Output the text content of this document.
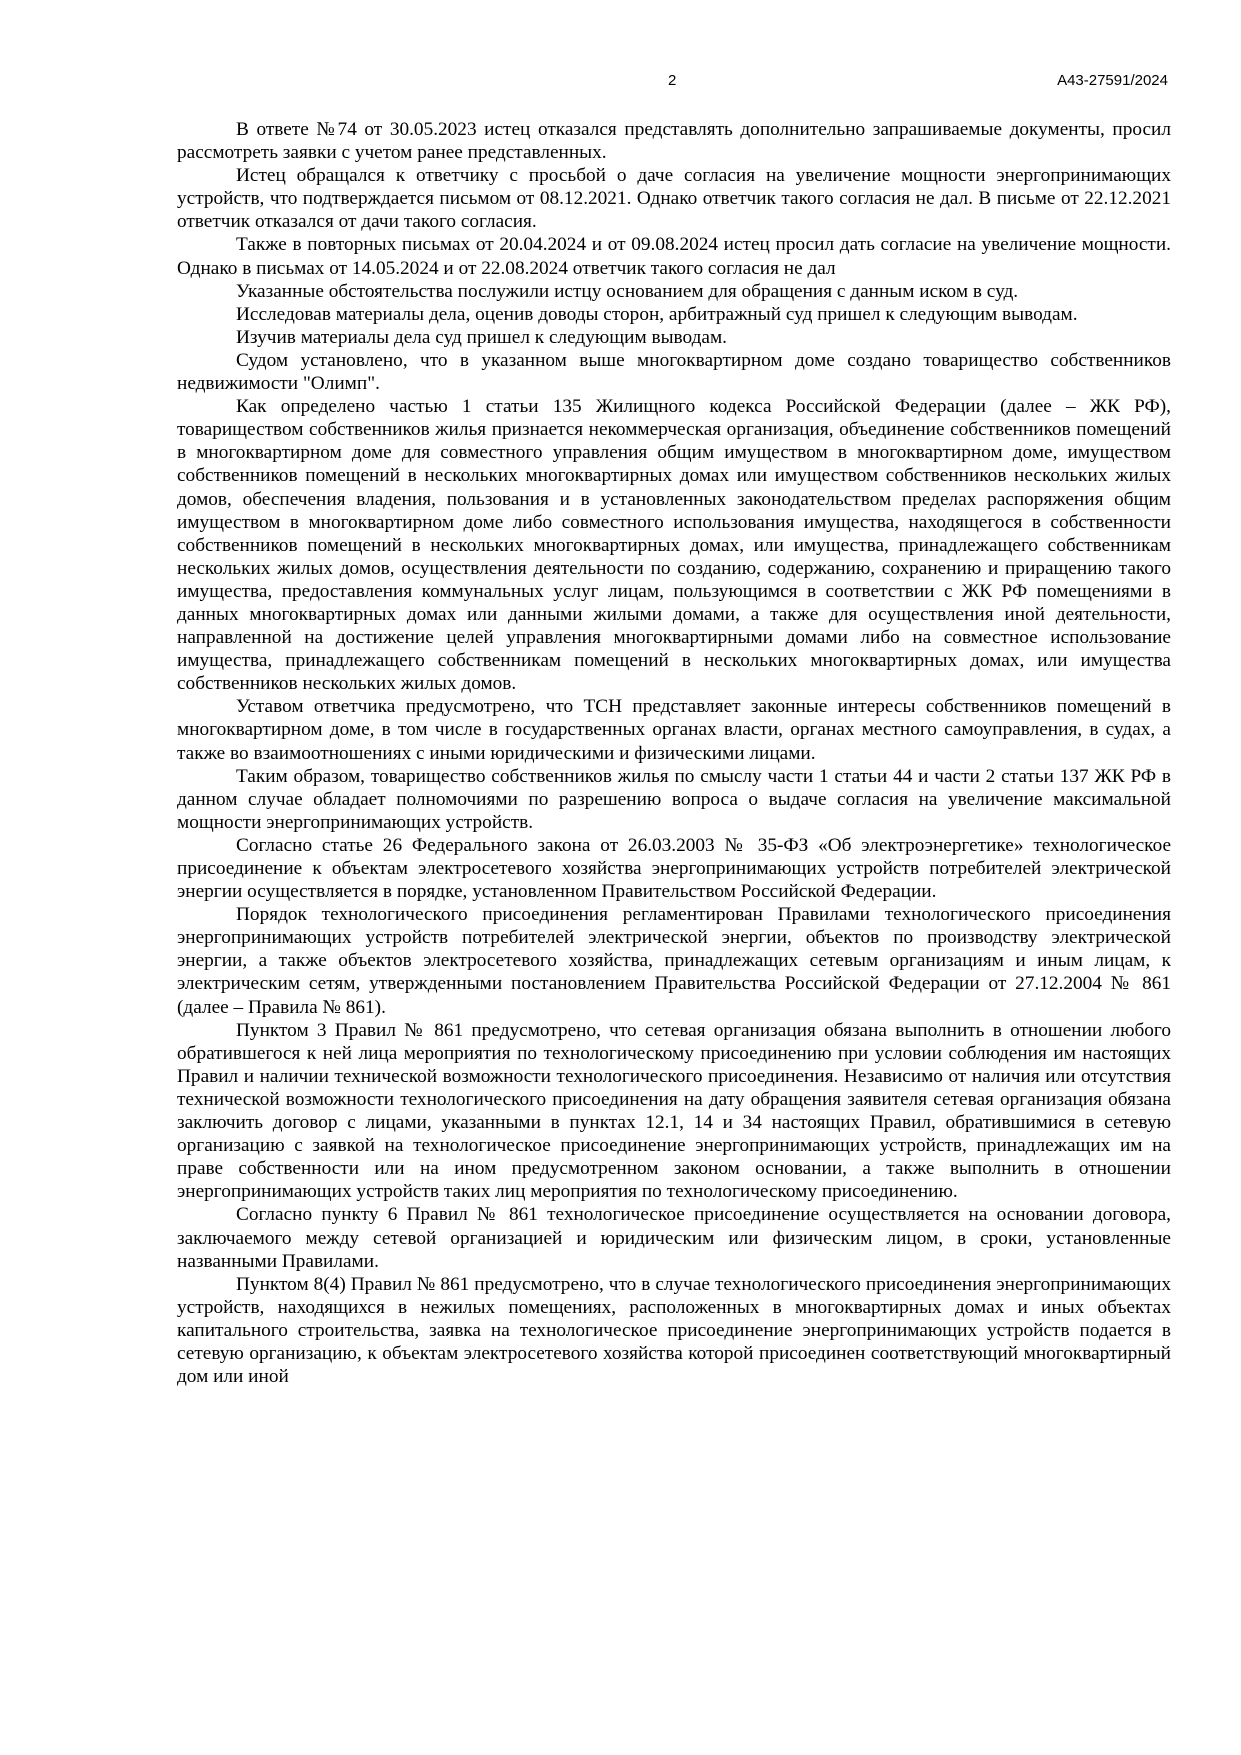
2	А43-27591/2024

В ответе №74 от 30.05.2023 истец отказался представлять дополнительно запрашиваемые документы, просил рассмотреть заявки с учетом ранее представленных.

Истец обращался к ответчику с просьбой о даче согласия на увеличение мощности энергопринимающих устройств, что подтверждается письмом от 08.12.2021. Однако ответчик такого согласия не дал. В письме от 22.12.2021 ответчик отказался от дачи такого согласия.

Также в повторных письмах от 20.04.2024 и от 09.08.2024 истец просил дать согласие на увеличение мощности. Однако в письмах от 14.05.2024 и от 22.08.2024 ответчик такого согласия не дал

Указанные обстоятельства послужили истцу основанием для обращения с данным иском в суд.

Исследовав материалы дела, оценив доводы сторон, арбитражный суд пришел к следующим выводам.

Изучив материалы дела суд пришел к следующим выводам.

Судом установлено, что в указанном выше многоквартирном доме создано товарищество собственников недвижимости "Олимп".

Как определено частью 1 статьи 135 Жилищного кодекса Российской Федерации (далее – ЖК РФ), товариществом собственников жилья признается некоммерческая организация, объединение собственников помещений в многоквартирном доме для совместного управления общим имуществом в многоквартирном доме, имуществом собственников помещений в нескольких многоквартирных домах или имуществом собственников нескольких жилых домов, обеспечения владения, пользования и в установленных законодательством пределах распоряжения общим имуществом в многоквартирном доме либо совместного использования имущества, находящегося в собственности собственников помещений в нескольких многоквартирных домах, или имущества, принадлежащего собственникам нескольких жилых домов, осуществления деятельности по созданию, содержанию, сохранению и приращению такого имущества, предоставления коммунальных услуг лицам, пользующимся в соответствии с ЖК РФ помещениями в данных многоквартирных домах или данными жилыми домами, а также для осуществления иной деятельности, направленной на достижение целей управления многоквартирными домами либо на совместное использование имущества, принадлежащего собственникам помещений в нескольких многоквартирных домах, или имущества собственников нескольких жилых домов.

Уставом ответчика предусмотрено, что ТСН представляет законные интересы собственников помещений в многоквартирном доме, в том числе в государственных органах власти, органах местного самоуправления, в судах, а также во взаимоотношениях с иными юридическими и физическими лицами.

Таким образом, товарищество собственников жилья по смыслу части 1 статьи 44 и части 2 статьи 137 ЖК РФ в данном случае обладает полномочиями по разрешению вопроса о выдаче согласия на увеличение максимальной мощности энергопринимающих устройств.

Согласно статье 26 Федерального закона от 26.03.2003 № 35-ФЗ «Об электроэнергетике» технологическое присоединение к объектам электросетевого хозяйства энергопринимающих устройств потребителей электрической энергии осуществляется в порядке, установленном Правительством Российской Федерации.

Порядок технологического присоединения регламентирован Правилами технологического присоединения энергопринимающих устройств потребителей электрической энергии, объектов по производству электрической энергии, а также объектов электросетевого хозяйства, принадлежащих сетевым организациям и иным лицам, к электрическим сетям, утвержденными постановлением Правительства Российской Федерации от 27.12.2004 № 861 (далее – Правила № 861).

Пунктом 3 Правил № 861 предусмотрено, что сетевая организация обязана выполнить в отношении любого обратившегося к ней лица мероприятия по технологическому присоединению при условии соблюдения им настоящих Правил и наличии технической возможности технологического присоединения. Независимо от наличия или отсутствия технической возможности технологического присоединения на дату обращения заявителя сетевая организация обязана заключить договор с лицами, указанными в пунктах 12.1, 14 и 34 настоящих Правил, обратившимися в сетевую организацию с заявкой на технологическое присоединение энергопринимающих устройств, принадлежащих им на праве собственности или на ином предусмотренном законом основании, а также выполнить в отношении энергопринимающих устройств таких лиц мероприятия по технологическому присоединению.

Согласно пункту 6 Правил № 861 технологическое присоединение осуществляется на основании договора, заключаемого между сетевой организацией и юридическим или физическим лицом, в сроки, установленные названными Правилами.

Пунктом 8(4) Правил № 861 предусмотрено, что в случае технологического присоединения энергопринимающих устройств, находящихся в нежилых помещениях, расположенных в многоквартирных домах и иных объектах капитального строительства, заявка на технологическое присоединение энергопринимающих устройств подается в сетевую организацию, к объектам электросетевого хозяйства которой присоединен соответствующий многоквартирный дом или иной
